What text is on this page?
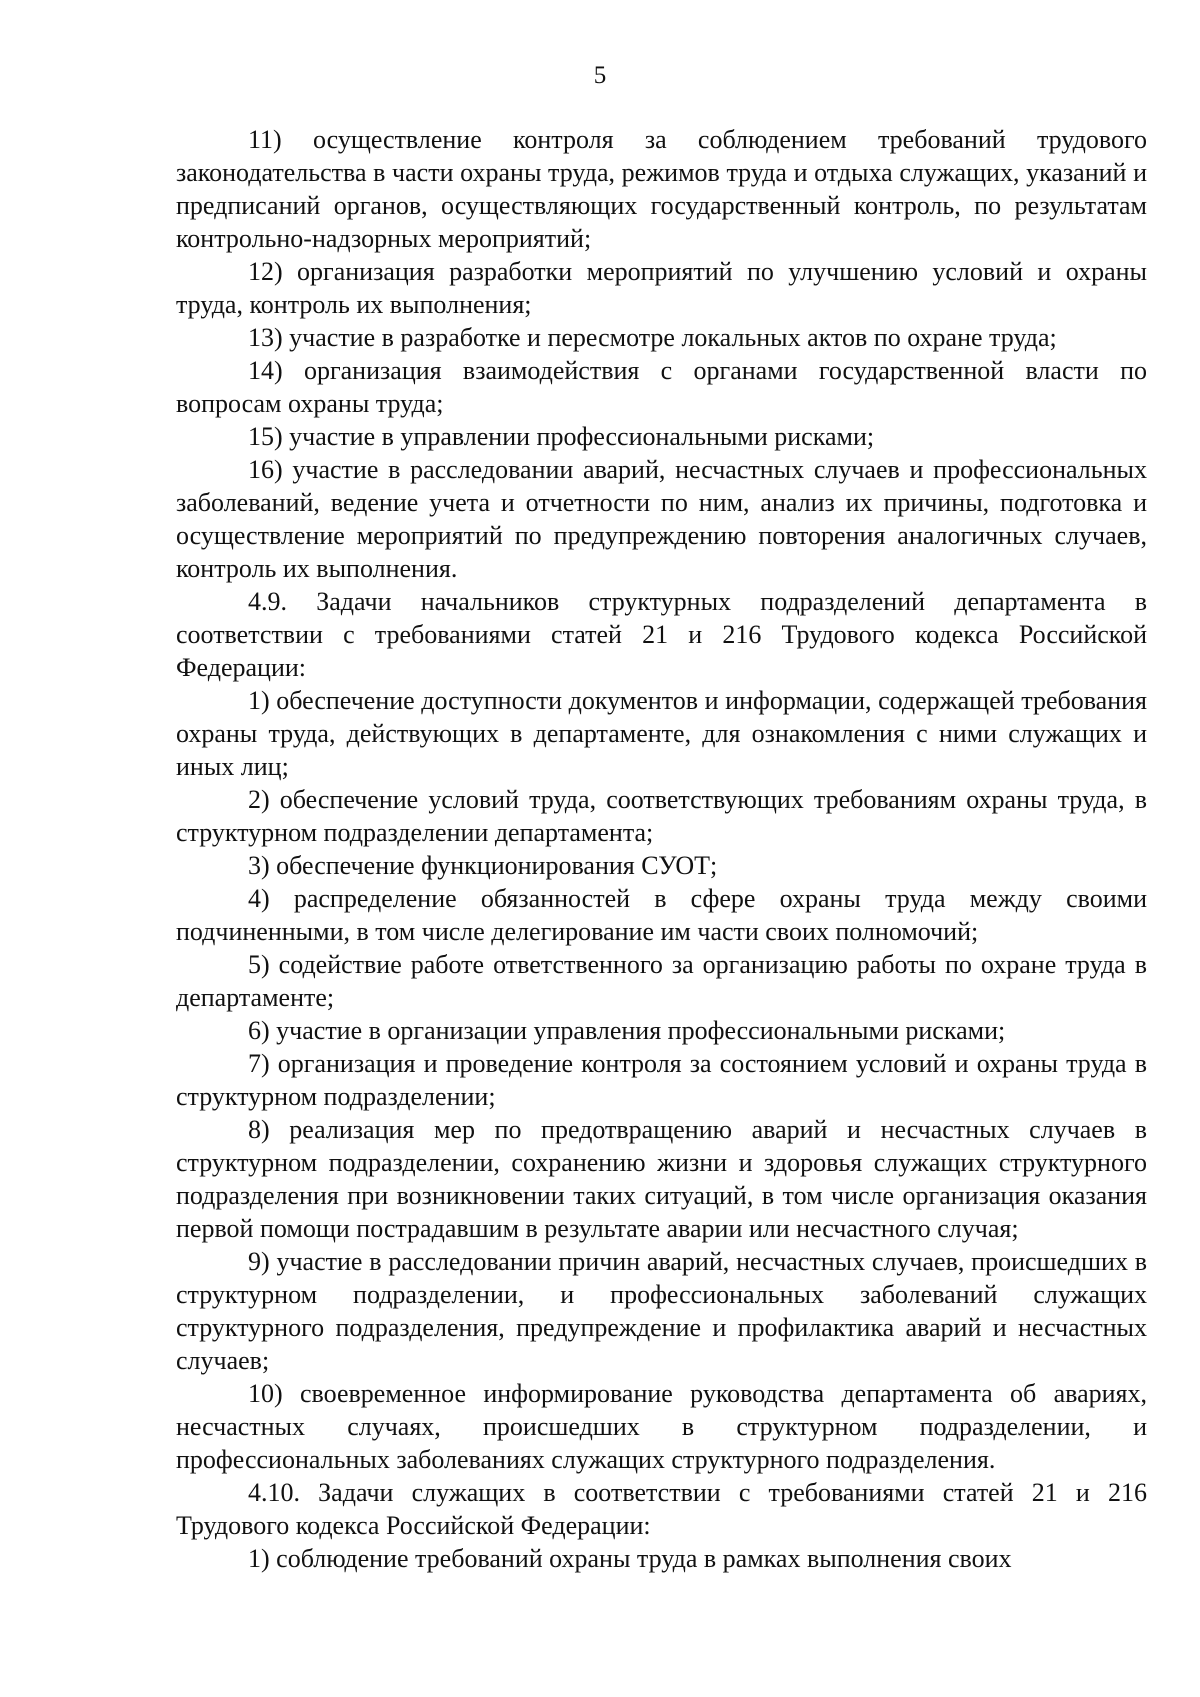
5

11) осуществление контроля за соблюдением требований трудового законодательства в части охраны труда, режимов труда и отдыха служащих, указаний и предписаний органов, осуществляющих государственный контроль, по результатам контрольно-надзорных мероприятий;

12) организация разработки мероприятий по улучшению условий и охраны труда, контроль их выполнения;

13) участие в разработке и пересмотре локальных актов по охране труда;

14) организация взаимодействия с органами государственной власти по вопросам охраны труда;

15) участие в управлении профессиональными рисками;

16) участие в расследовании аварий, несчастных случаев и профессиональных заболеваний, ведение учета и отчетности по ним, анализ их причины, подготовка и осуществление мероприятий по предупреждению повторения аналогичных случаев, контроль их выполнения.

4.9. Задачи начальников структурных подразделений департамента в соответствии с требованиями статей 21 и 216 Трудового кодекса Российской Федерации:

1) обеспечение доступности документов и информации, содержащей требования охраны труда, действующих в департаменте, для ознакомления с ними служащих и иных лиц;

2) обеспечение условий труда, соответствующих требованиям охраны труда, в структурном подразделении департамента;

3) обеспечение функционирования СУОТ;

4) распределение обязанностей в сфере охраны труда между своими подчиненными, в том числе делегирование им части своих полномочий;

5) содействие работе ответственного за организацию работы по охране труда в департаменте;

6) участие в организации управления профессиональными рисками;

7) организация и проведение контроля за состоянием условий и охраны труда в структурном подразделении;

8) реализация мер по предотвращению аварий и несчастных случаев в структурном подразделении, сохранению жизни и здоровья служащих структурного подразделения при возникновении таких ситуаций, в том числе организация оказания первой помощи пострадавшим в результате аварии или несчастного случая;

9) участие в расследовании причин аварий, несчастных случаев, происшедших в структурном подразделении, и профессиональных заболеваний служащих структурного подразделения, предупреждение и профилактика аварий и несчастных случаев;

10) своевременное информирование руководства департамента об авариях, несчастных случаях, происшедших в структурном подразделении, и профессиональных заболеваниях служащих структурного подразделения.

4.10. Задачи служащих в соответствии с требованиями статей 21 и 216 Трудового кодекса Российской Федерации:

1) соблюдение требований охраны труда в рамках выполнения своих
